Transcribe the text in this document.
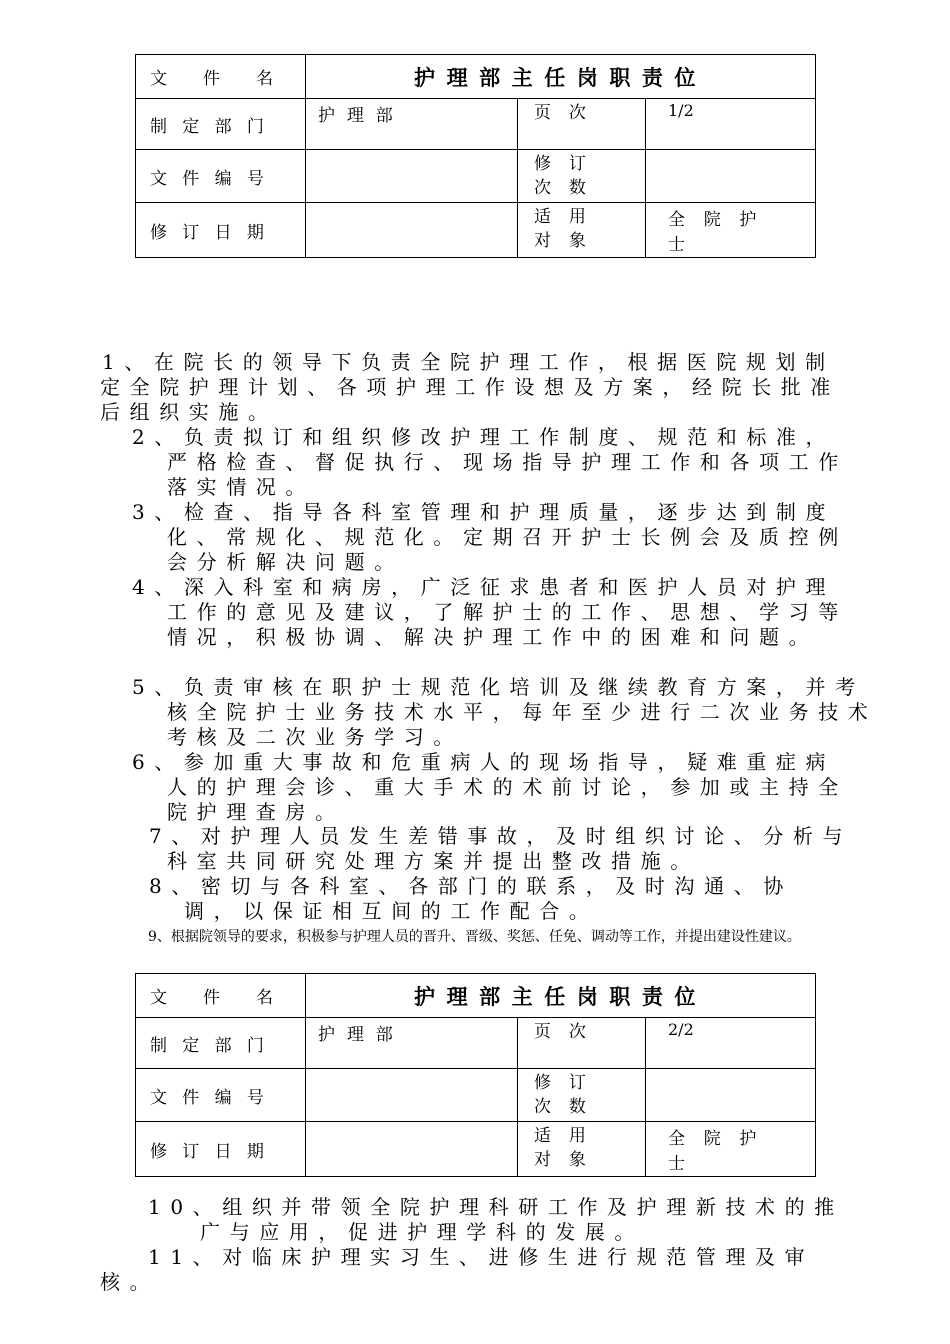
文 件 名	护理部主任岗职责位		
制定部门	护理部	页次	1/2
文件编号		修订次数	
修订日期		适用对象	全院护士

1、在院长的领导下负责全院护理工作，根据医院规划制定全院护理计划、各项护理工作设想及方案，经院长批准后组织实施。

2、负责拟订和组织修改护理工作制度、规范和标准，严格检查、督促执行、现场指导护理工作和各项工作落实情况。

3、检查、指导各科室管理和护理质量，逐步达到制度化、常规化、规范化。定期召开护士长例会及质控例会分析解决问题。

4、深入科室和病房，广泛征求患者和医护人员对护理工作的意见及建议，了解护士的工作、思想、学习等情况，积极协调、解决护理工作中的困难和问题。

5、负责审核在职护士规范化培训及继续教育方案，并考核全院护士业务技术水平，每年至少进行二次业务技术考核及二次业务学习。

6、参加重大事故和危重病人的现场指导，疑难重症病人的护理会诊、重大手术的术前讨论，参加或主持全院护理查房。

7、对护理人员发生差错事故，及时组织讨论、分析与科室共同研究处理方案并提出整改措施。

8、密切与各科室、各部门的联系，及时沟通、协调，以保证相互间的工作配合。

9、根据院领导的要求，积极参与护理人员的晋升、晋级、奖惩、任免、调动等工作，并提出建设性建议。

文 件 名	护理部主任岗职责位		
制定部门	护理部	页次	2/2
文件编号		修订次数	
修订日期		适用对象	全院护士

10、组织并带领全院护理科研工作及护理新技术的推广与应用，促进护理学科的发展。

11、对临床护理实习生、进修生进行规范管理及审核。
